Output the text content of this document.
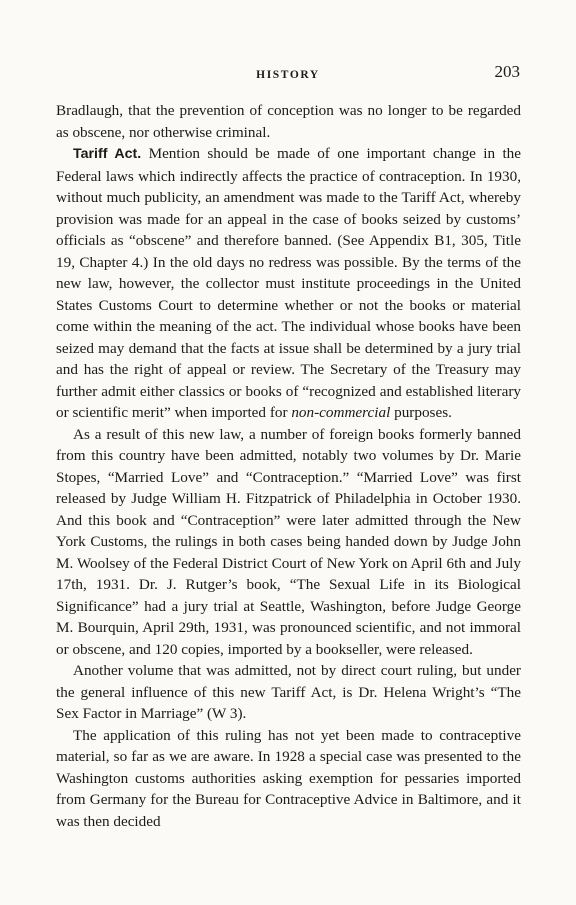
HISTORY	203

Bradlaugh, that the prevention of conception was no longer to be regarded as obscene, nor otherwise criminal.

Tariff Act. Mention should be made of one important change in the Federal laws which indirectly affects the practice of contraception. In 1930, without much publicity, an amendment was made to the Tariff Act, whereby provision was made for an appeal in the case of books seized by customs’ officials as “obscene” and therefore banned. (See Appendix B1, 305, Title 19, Chapter 4.) In the old days no redress was possible. By the terms of the new law, however, the collector must institute proceedings in the United States Customs Court to determine whether or not the books or material come within the meaning of the act. The individual whose books have been seized may demand that the facts at issue shall be determined by a jury trial and has the right of appeal or review. The Secretary of the Treasury may further admit either classics or books of “recognized and established literary or scientific merit” when imported for non-commercial purposes.

As a result of this new law, a number of foreign books formerly banned from this country have been admitted, notably two volumes by Dr. Marie Stopes, “Married Love” and “Contraception.” “Married Love” was first released by Judge William H. Fitzpatrick of Philadelphia in October 1930. And this book and “Contraception” were later admitted through the New York Customs, the rulings in both cases being handed down by Judge John M. Woolsey of the Federal District Court of New York on April 6th and July 17th, 1931. Dr. J. Rutger’s book, “The Sexual Life in its Biological Significance” had a jury trial at Seattle, Washington, before Judge George M. Bourquin, April 29th, 1931, was pronounced scientific, and not immoral or obscene, and 120 copies, imported by a bookseller, were released.

Another volume that was admitted, not by direct court ruling, but under the general influence of this new Tariff Act, is Dr. Helena Wright’s “The Sex Factor in Marriage” (W 3).

The application of this ruling has not yet been made to contraceptive material, so far as we are aware. In 1928 a special case was presented to the Washington customs authorities asking exemption for pessaries imported from Germany for the Bureau for Contraceptive Advice in Baltimore, and it was then decided
